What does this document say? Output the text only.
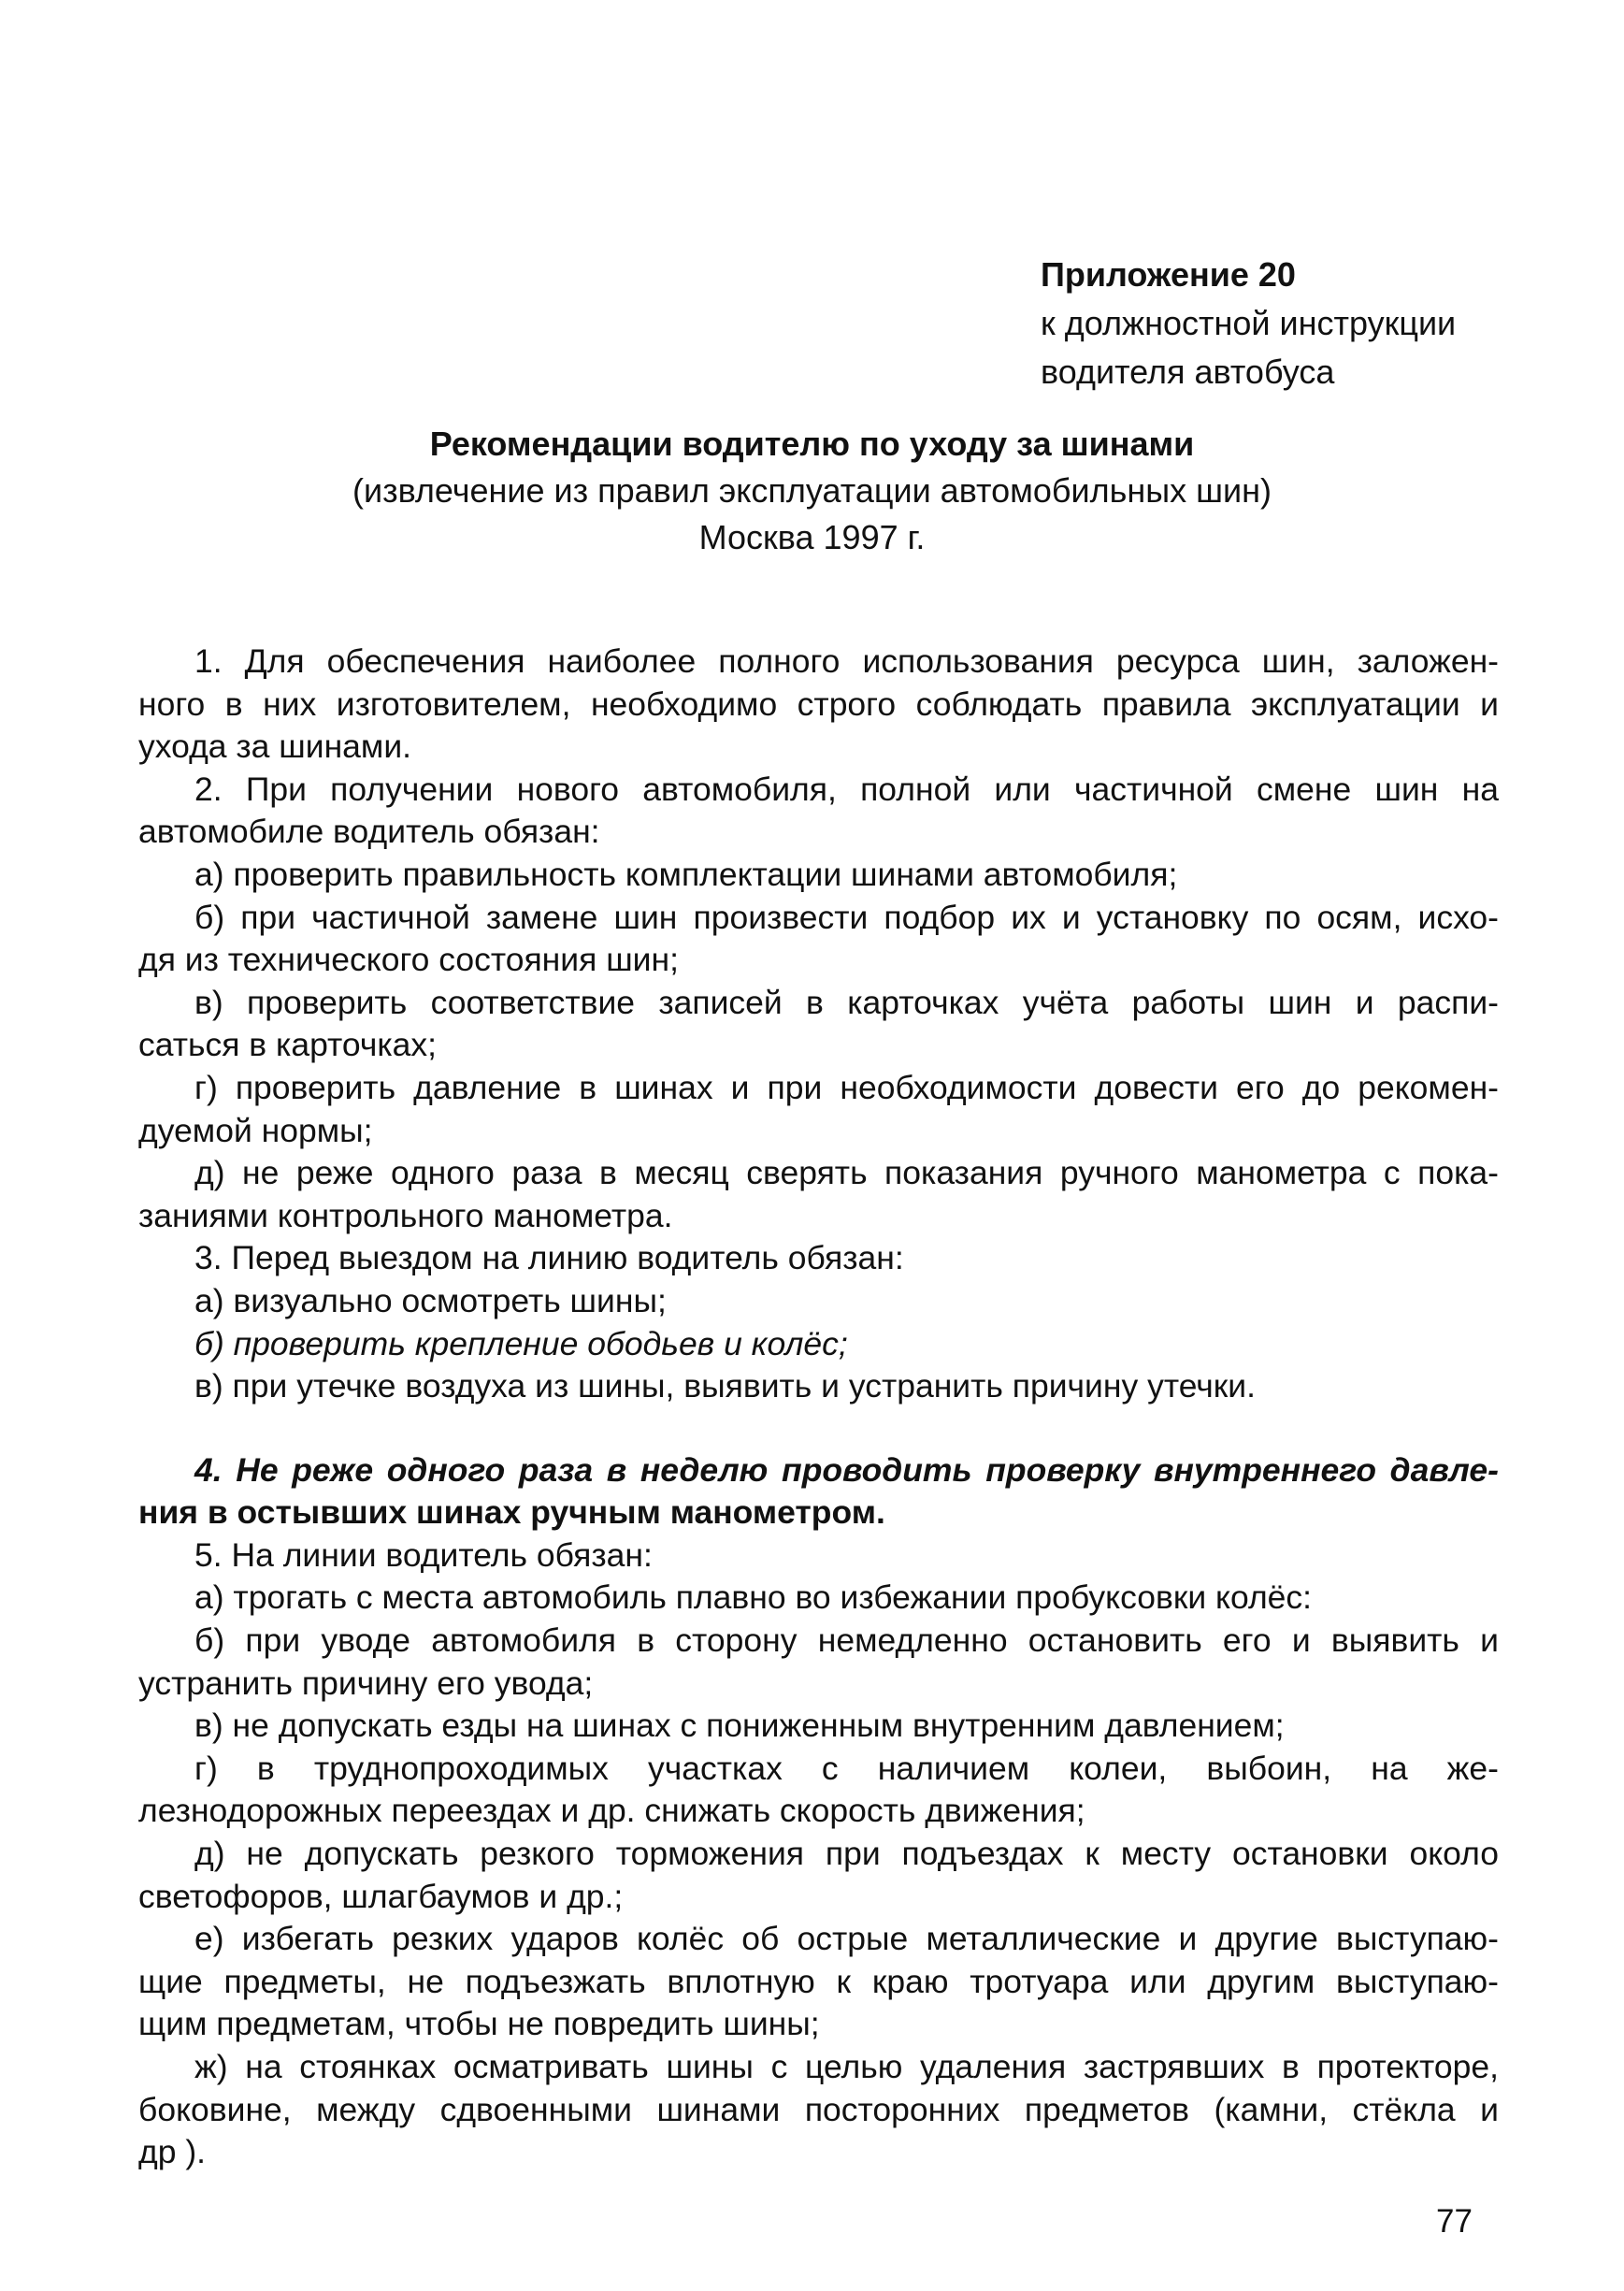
Приложение 20
к должностной инструкции
водителя автобуса
Рекомендации водителю по уходу за шинами
(извлечение из правил эксплуатации автомобильных шин)
Москва 1997 г.
1. Для обеспечения наиболее полного использования ресурса шин, заложен-
ного в них изготовителем, необходимо строго соблюдать правила эксплуатации и
ухода за шинами.
2. При получении нового автомобиля, полной или частичной смене шин на
автомобиле водитель обязан:
а) проверить правильность комплектации шинами автомобиля;
б) при частичной замене шин произвести подбор их и установку по осям, исхо-
дя из технического состояния шин;
в) проверить соответствие записей в карточках учёта работы шин и распи-
саться в карточках;
г) проверить давление в шинах и при необходимости довести его до рекомен-
дуемой нормы;
д) не реже одного раза в месяц сверять показания ручного манометра с пока-
заниями контрольного манометра.
3. Перед выездом на линию водитель обязан:
а) визуально осмотреть шины;
б) проверить крепление ободьев и колёс;
в) при утечке воздуха из шины, выявить и устранить причину утечки.
4. Не реже одного раза в неделю проводить проверку внутреннего давле-
ния в остывших шинах ручным манометром.
5. На линии водитель обязан:
а) трогать с места автомобиль плавно во избежании пробуксовки колёс:
б) при уводе автомобиля в сторону немедленно остановить его и выявить и
устранить причину его увода;
в) не допускать езды на шинах с пониженным внутренним давлением;
г) в труднопроходимых участках с наличием колеи, выбоин, на же-
лезнодорожных переездах и др. снижать скорость движения;
д) не допускать резкого торможения при подъездах к месту остановки около
светофоров, шлагбаумов и др.;
е) избегать резких ударов колёс об острые металлические и другие выступаю-
щие предметы, не подъезжать вплотную к краю тротуара или другим выступаю-
щим предметам, чтобы не повредить шины;
ж) на стоянках осматривать шины с целью удаления застрявших в протекторе,
боковине, между сдвоенными шинами посторонних предметов (камни, стёкла и
др ).
77
